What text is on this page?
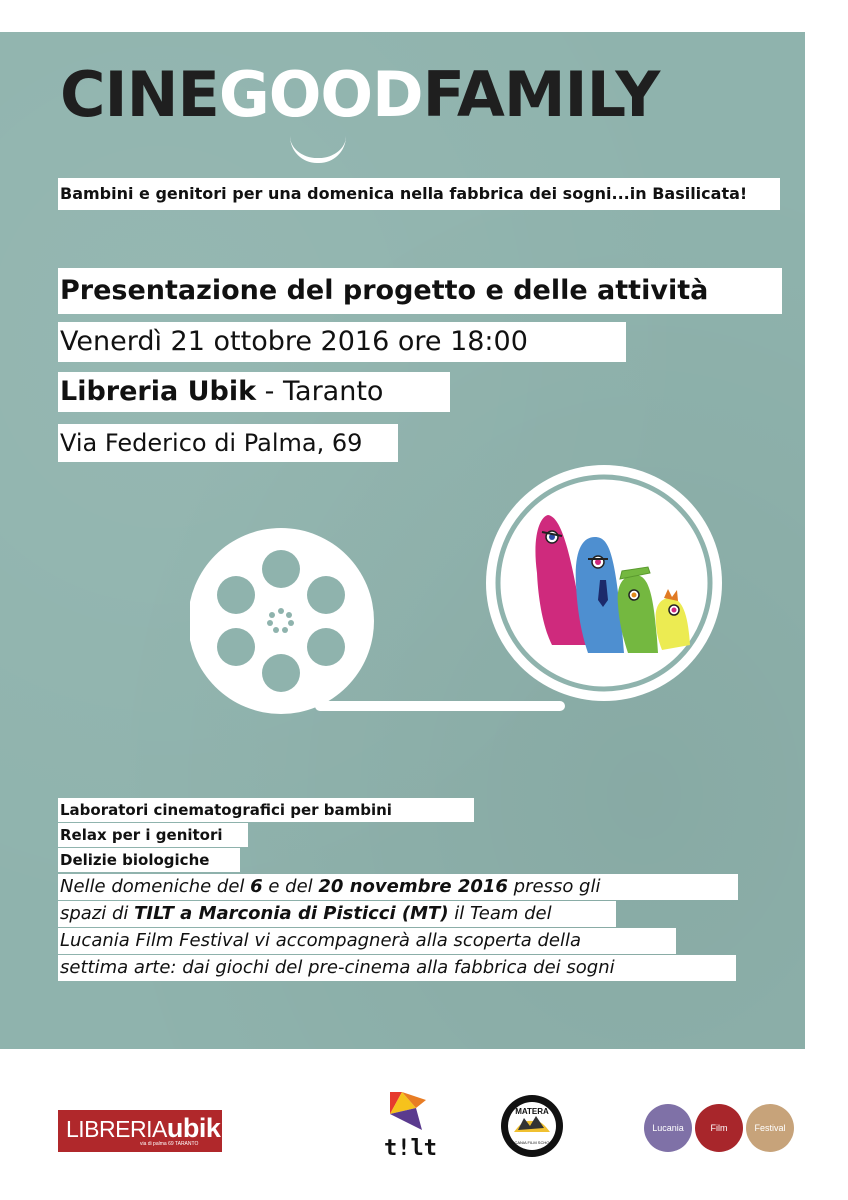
CINEGOODFAMILY
Bambini e genitori per una domenica nella fabbrica dei sogni...in Basilicata!
Presentazione del progetto e delle attività
Venerdì 21 ottobre 2016 ore 18:00
Libreria Ubik - Taranto
Via Federico di Palma, 69
Laboratori cinematografici per bambini
Relax per i genitori
Delizie biologiche
Nelle domeniche del 6 e del 20 novembre 2016 presso gli
spazi di TILT a Marconia di Pisticci (MT) il Team del
Lucania Film Festival vi accompagnerà alla scoperta della
settima arte: dai giochi del pre-cinema alla fabbrica dei sogni
LIBRERIAubik
via di palma 69 TARANTO	t!lt
MATERA
LUCANIA FILM SCHOOL
Lucania	Film	Festival
